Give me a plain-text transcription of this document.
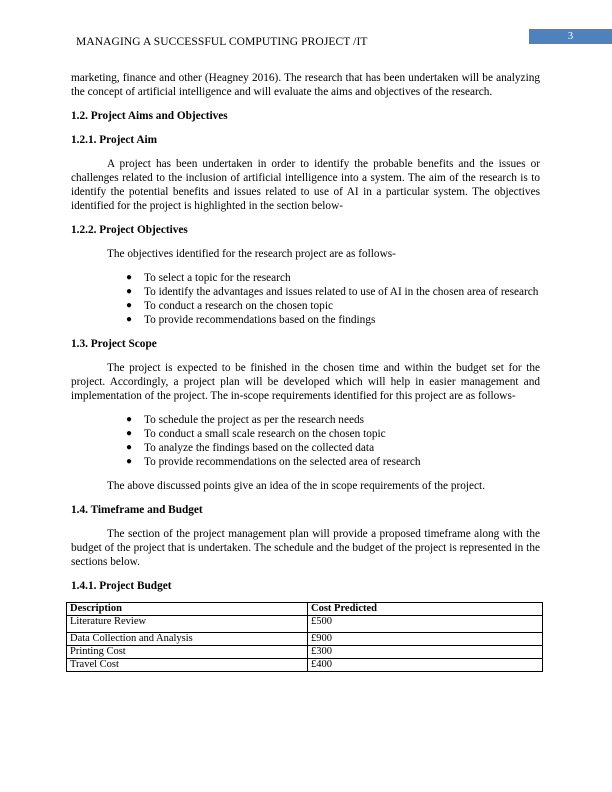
MANAGING A SUCCESSFUL COMPUTING PROJECT /IT	3

marketing, finance and other (Heagney 2016). The research that has been undertaken will be analyzing the concept of artificial intelligence and will evaluate the aims and objectives of the research.

1.2. Project Aims and Objectives
1.2.1. Project Aim

A project has been undertaken in order to identify the probable benefits and the issues or challenges related to the inclusion of artificial intelligence into a system. The aim of the research is to identify the potential benefits and issues related to use of AI in a particular system. The objectives identified for the project is highlighted in the section below-

1.2.2. Project Objectives

The objectives identified for the research project are as follows-

● To select a topic for the research
● To identify the advantages and issues related to use of AI in the chosen area of research
● To conduct a research on the chosen topic
● To provide recommendations based on the findings
1.3. Project Scope

The project is expected to be finished in the chosen time and within the budget set for the project. Accordingly, a project plan will be developed which will help in easier management and implementation of the project. The in-scope requirements identified for this project are as follows-

● To schedule the project as per the research needs
● To conduct a small scale research on the chosen topic
● To analyze the findings based on the collected data
● To provide recommendations on the selected area of research

The above discussed points give an idea of the in scope requirements of the project.

1.4. Timeframe and Budget

The section of the project management plan will provide a proposed timeframe along with the budget of the project that is undertaken. The schedule and the budget of the project is represented in the sections below.

1.4.1. Project Budget
Description	Cost Predicted
Literature Review	£500
Data Collection and Analysis	£900
Printing Cost	£300
Travel Cost	£400
